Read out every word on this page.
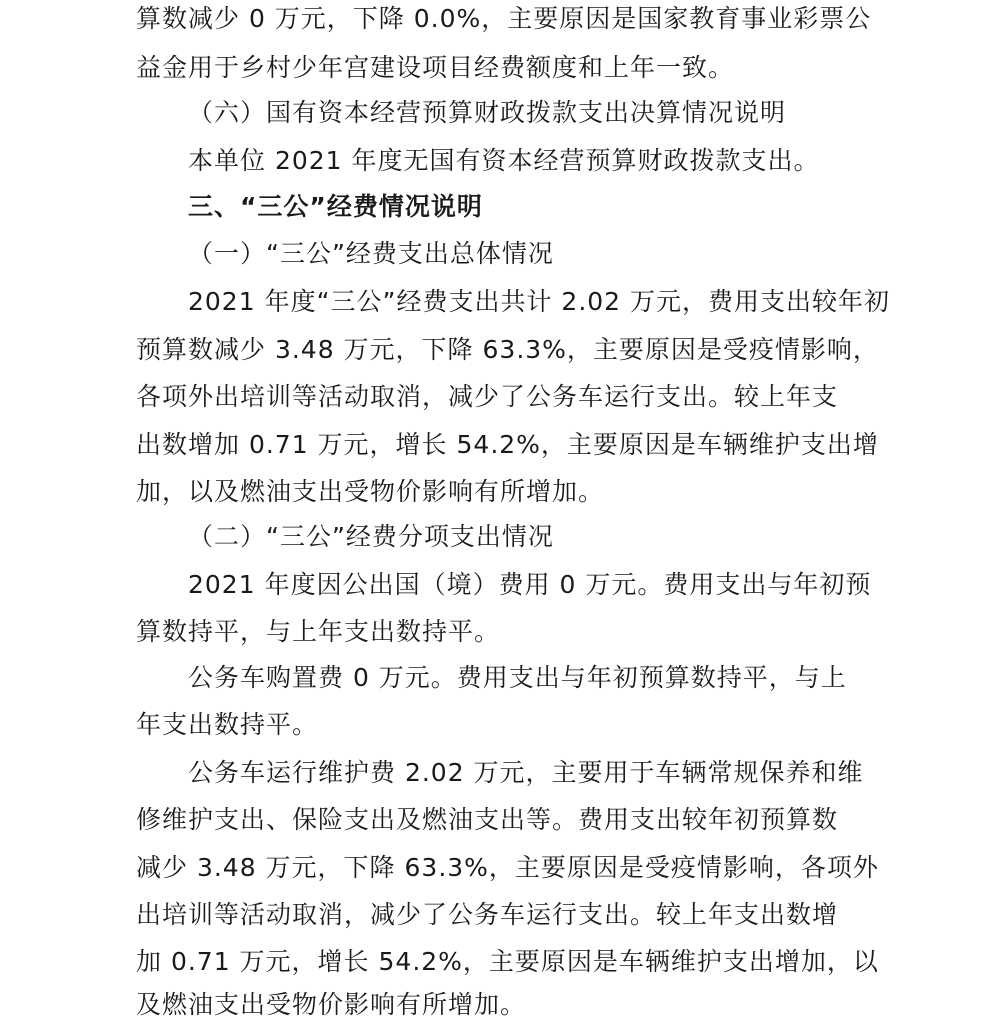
算数减少 0 万元，下降 0.0%，主要原因是国家教育事业彩票公
益金用于乡村少年宫建设项目经费额度和上年一致。
（六）国有资本经营预算财政拨款支出决算情况说明
本单位 2021 年度无国有资本经营预算财政拨款支出。
三、“三公”经费情况说明
（一）“三公”经费支出总体情况
2021 年度“三公”经费支出共计 2.02 万元，费用支出较年初
预算数减少 3.48 万元，下降 63.3%，主要原因是受疫情影响，
各项外出培训等活动取消，减少了公务车运行支出。较上年支
出数增加 0.71 万元，增长 54.2%，主要原因是车辆维护支出增
加，以及燃油支出受物价影响有所增加。
（二）“三公”经费分项支出情况
2021 年度因公出国（境）费用 0 万元。费用支出与年初预
算数持平，与上年支出数持平。
公务车购置费 0 万元。费用支出与年初预算数持平，与上
年支出数持平。
公务车运行维护费 2.02 万元，主要用于车辆常规保养和维
修维护支出、保险支出及燃油支出等。费用支出较年初预算数
减少 3.48 万元，下降 63.3%，主要原因是受疫情影响，各项外
出培训等活动取消，减少了公务车运行支出。较上年支出数增
加 0.71 万元，增长 54.2%，主要原因是车辆维护支出增加，以
及燃油支出受物价影响有所增加。
